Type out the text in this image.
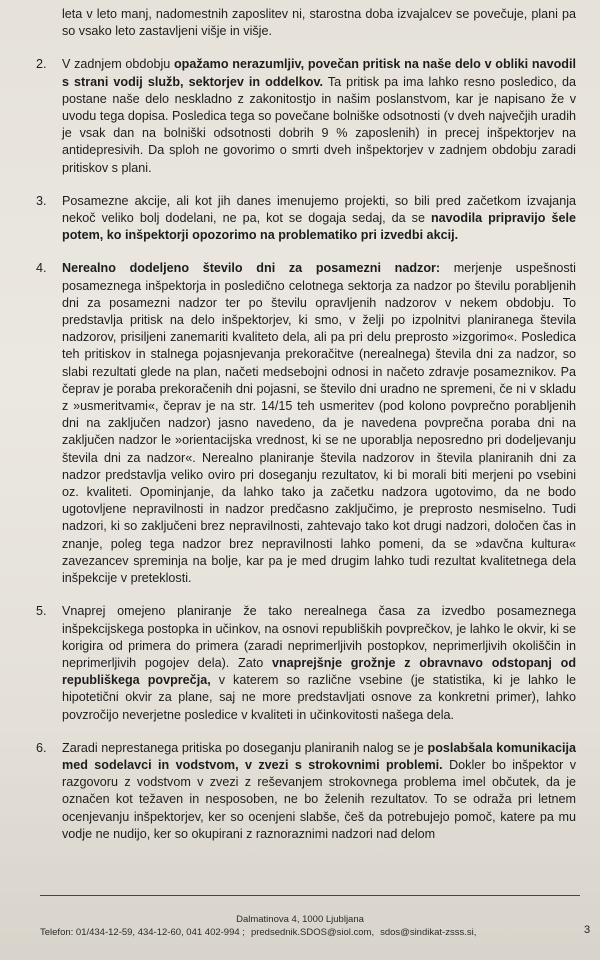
leta v leto manj, nadomestnih zaposlitev ni, starostna doba izvajalcev se povečuje, plani pa so vsako leto zastavljeni višje in višje.

2. V zadnjem obdobju opažamo nerazumljiv, povečan pritisk na naše delo v obliki navodil s strani vodij služb, sektorjev in oddelkov. Ta pritisk pa ima lahko resno posledico, da postane naše delo neskladno z zakonitostjo in našim poslanstvom, kar je napisano že v uvodu tega dopisa. Posledica tega so povečane bolniške odsotnosti (v dveh največjih uradih je vsak dan na bolniški odsotnosti dobrih 9 % zaposlenih) in precej inšpektorjev na antidepresivih. Da sploh ne govorimo o smrti dveh inšpektorjev v zadnjem obdobju zaradi pritiskov s plani.
3. Posamezne akcije, ali kot jih danes imenujemo projekti, so bili pred začetkom izvajanja nekoč veliko bolj dodelani, ne pa, kot se dogaja sedaj, da se navodila pripravijo šele potem, ko inšpektorji opozorimo na problematiko pri izvedbi akcij.
4. Nerealno dodeljeno število dni za posamezni nadzor: merjenje uspešnosti posameznega inšpektorja in posledično celotnega sektorja za nadzor po številu porabljenih dni za posamezni nadzor ter po številu opravljenih nadzorov v nekem obdobju. To predstavlja pritisk na delo inšpektorjev, ki smo, v želji po izpolnitvi planiranega števila nadzorov, prisiljeni zanemariti kvaliteto dela, ali pa pri delu preprosto »izgorimo«. Posledica teh pritiskov in stalnega pojasnjevanja prekoračitve (nerealnega) števila dni za nadzor, so slabi rezultati glede na plan, načeti medsebojni odnosi in načeto zdravje posameznikov. Pa čeprav je poraba prekoračenih dni pojasni, se število dni uradno ne spremeni, če ni v skladu z »usmeritvami«, čeprav je na str. 14/15 teh usmeritev (pod kolono povprečno porabljenih dni na zaključen nadzor) jasno navedeno, da je navedena povprečna poraba dni na zaključen nadzor le »orientacijska vrednost, ki se ne uporablja neposredno pri dodeljevanju števila dni za nadzor«. Nerealno planiranje števila nadzorov in števila planiranih dni za nadzor predstavlja veliko oviro pri doseganju rezultatov, ki bi morali biti merjeni po vsebini oz. kvaliteti. Opominjanje, da lahko tako ja začetku nadzora ugotovimo, da ne bodo ugotovljene nepravilnosti in nadzor predčasno zaključimo, je preprosto nesmiselno. Tudi nadzori, ki so zaključeni brez nepravilnosti, zahtevajo tako kot drugi nadzori, določen čas in znanje, poleg tega nadzor brez nepravilnosti lahko pomeni, da se »davčna kultura« zavezancev spreminja na bolje, kar pa je med drugim lahko tudi rezultat kvalitetnega dela inšpekcije v preteklosti.
5. Vnaprej omejeno planiranje že tako nerealnega časa za izvedbo posameznega inšpekcijskega postopka in učinkov, na osnovi republiških povprečkov, je lahko le okvir, ki se korigira od primera do primera (zaradi neprimerljivih postopkov, neprimerljivih okoliščin in neprimerljivih pogojev dela). Zato vnaprejšnje grožnje z obravnavo odstopanj od republiškega povprečja, v katerem so različne vsebine (je statistika, ki je lahko le hipotetični okvir za plane, saj ne more predstavljati osnove za konkretni primer), lahko povzročijo neverjetne posledice v kvaliteti in učinkovitosti našega dela.
6. Zaradi neprestanega pritiska po doseganju planiranih nalog se je poslabšala komunikacija med sodelavci in vodstvom, v zvezi s strokovnimi problemi. Dokler bo inšpektor v razgovoru z vodstvom v zvezi z reševanjem strokovnega problema imel občutek, da je označen kot težaven in nesposoben, ne bo želenih rezultatov. To se odraža pri letnem ocenjevanju inšpektorjev, ker so ocenjeni slabše, češ da potrebujejo pomoč, katere pa mu vodje ne nudijo, ker so okupirani z raznoraznimi nadzori nad delom
Dalmatinova 4, 1000 Ljubljana
Telefon: 01/434-12-59, 434-12-60, 041 402-994 ; predsednik.SDOS@siol.com, sdos@sindikat-zsss.si,	3
